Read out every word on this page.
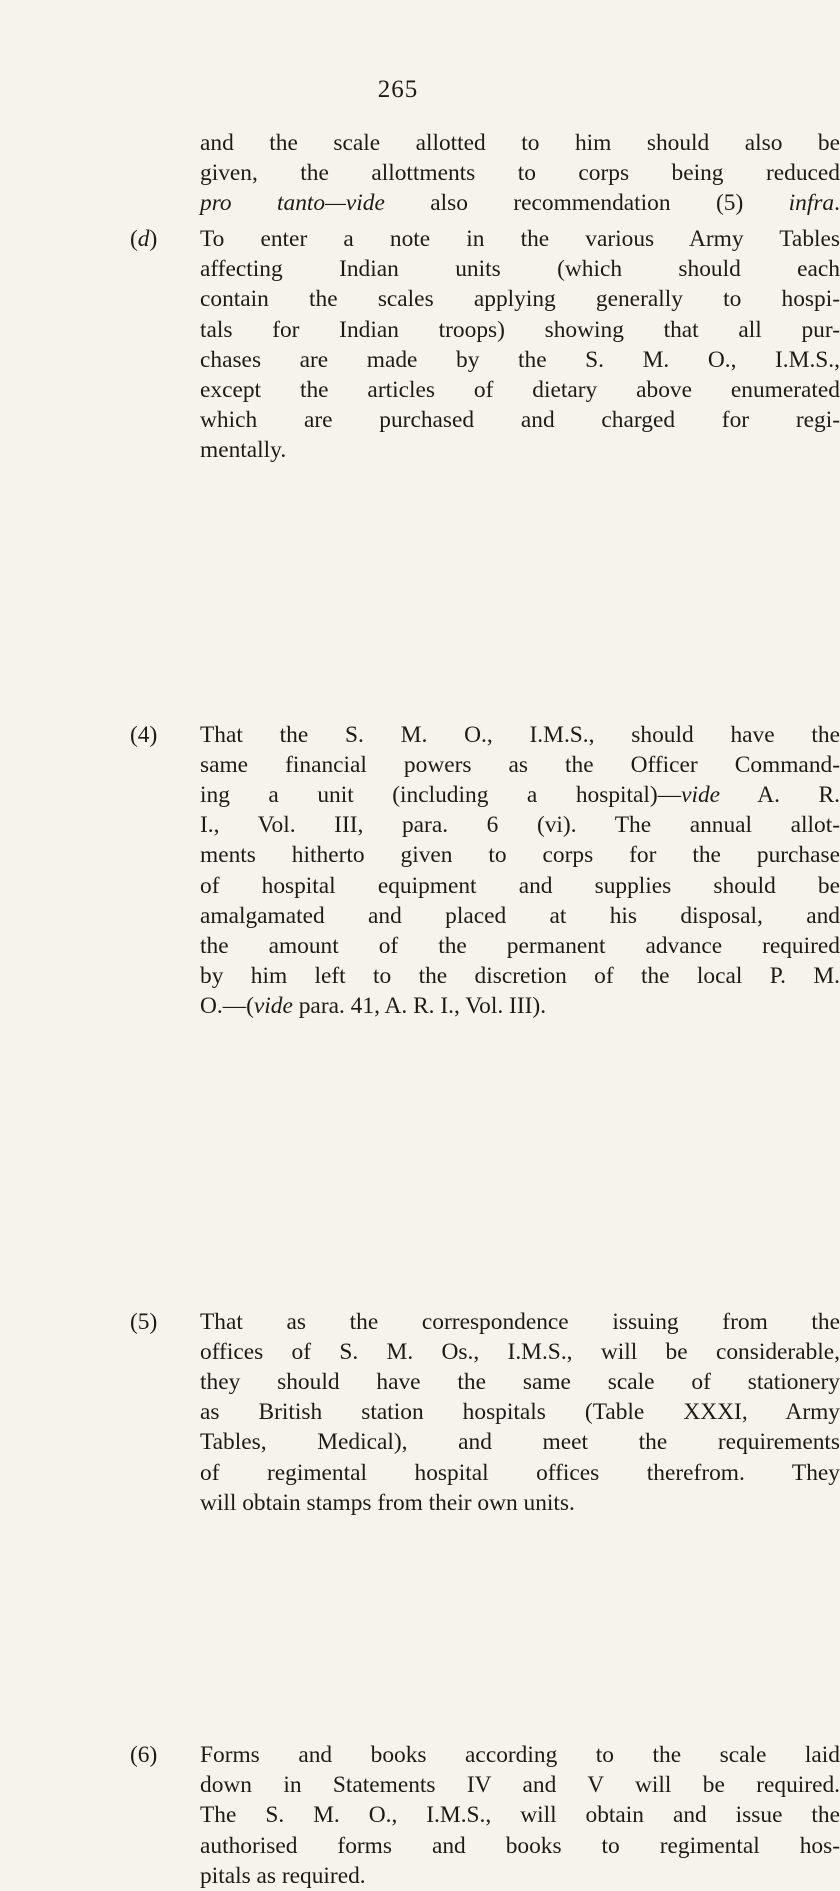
265
and the scale allotted to him should also be
given, the allottments to corps being reduced
pro tanto—vide also recommendation (5) infra.
(d) To enter a note in the various Army Tables
affecting Indian units (which should each
contain the scales applying generally to hospi-
tals for Indian troops) showing that all pur-
chases are made by the S. M. O., I.M.S.,
except the articles of dietary above enumerated
which are purchased and charged for regi-
mentally.
(4) That the S. M. O., I.M.S., should have the
same financial powers as the Officer Command-
ing a unit (including a hospital)—vide A. R.
I., Vol. III, para. 6 (vi). The annual allot-
ments hitherto given to corps for the purchase
of hospital equipment and supplies should be
amalgamated and placed at his disposal, and
the amount of the permanent advance required
by him left to the discretion of the local P. M.
O.—(vide para. 41, A. R. I., Vol. III).
(5) That as the correspondence issuing from the
offices of S. M. Os., I.M.S., will be considerable,
they should have the same scale of stationery
as British station hospitals (Table XXXI, Army
Tables, Medical), and meet the requirements
of regimental hospital offices therefrom. They
will obtain stamps from their own units.
(6) Forms and books according to the scale laid
down in Statements IV and V will be required.
The S. M. O., I.M.S., will obtain and issue the
authorised forms and books to regimental hos-
pitals as required.
